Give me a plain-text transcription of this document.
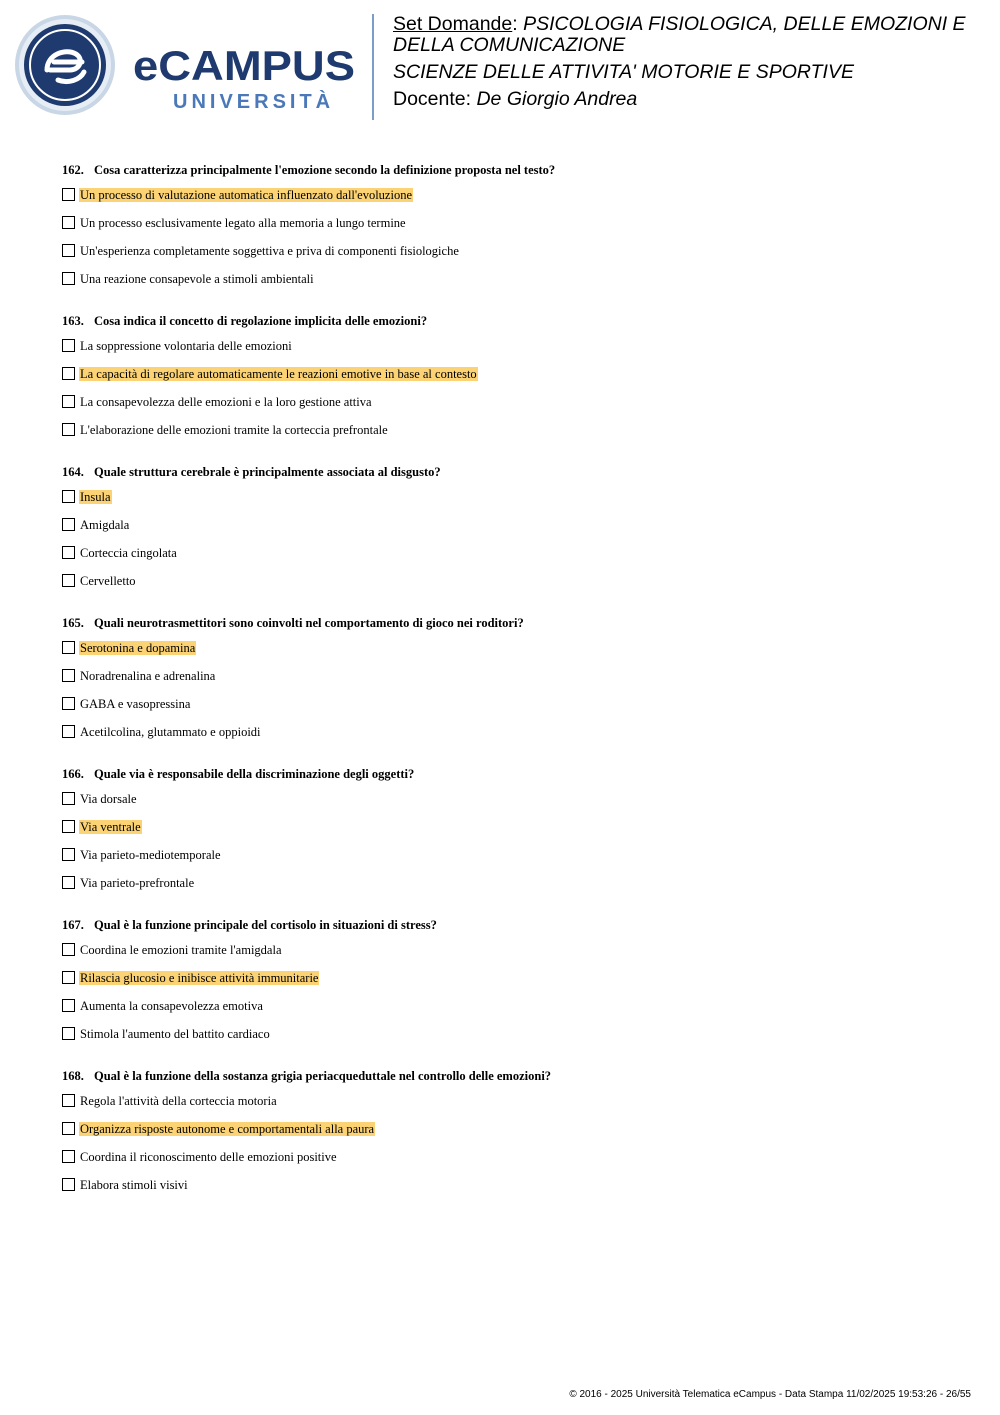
eCAMPUS
UNIVERSITÀ
Set Domande: PSICOLOGIA FISIOLOGICA, DELLE EMOZIONI E
DELLA COMUNICAZIONE
SCIENZE DELLE ATTIVITA' MOTORIE E SPORTIVE
Docente: De Giorgio Andrea
162. Cosa caratterizza principalmente l'emozione secondo la definizione proposta nel testo?
Un processo di valutazione automatica influenzato dall'evoluzione
Un processo esclusivamente legato alla memoria a lungo termine
Un'esperienza completamente soggettiva e priva di componenti fisiologiche
Una reazione consapevole a stimoli ambientali
163. Cosa indica il concetto di regolazione implicita delle emozioni?
La soppressione volontaria delle emozioni
La capacità di regolare automaticamente le reazioni emotive in base al contesto
La consapevolezza delle emozioni e la loro gestione attiva
L'elaborazione delle emozioni tramite la corteccia prefrontale
164. Quale struttura cerebrale è principalmente associata al disgusto?
Insula
Amigdala
Corteccia cingolata
Cervelletto
165. Quali neurotrasmettitori sono coinvolti nel comportamento di gioco nei roditori?
Serotonina e dopamina
Noradrenalina e adrenalina
GABA e vasopressina
Acetilcolina, glutammato e oppioidi
166. Quale via è responsabile della discriminazione degli oggetti?
Via dorsale
Via ventrale
Via parieto-mediotemporale
Via parieto-prefrontale
167. Qual è la funzione principale del cortisolo in situazioni di stress?
Coordina le emozioni tramite l'amigdala
Rilascia glucosio e inibisce attività immunitarie
Aumenta la consapevolezza emotiva
Stimola l'aumento del battito cardiaco
168. Qual è la funzione della sostanza grigia periacqueduttale nel controllo delle emozioni?
Regola l'attività della corteccia motoria
Organizza risposte autonome e comportamentali alla paura
Coordina il riconoscimento delle emozioni positive
Elabora stimoli visivi
© 2016 - 2025 Università Telematica eCampus - Data Stampa 11/02/2025 19:53:26 - 26/55
